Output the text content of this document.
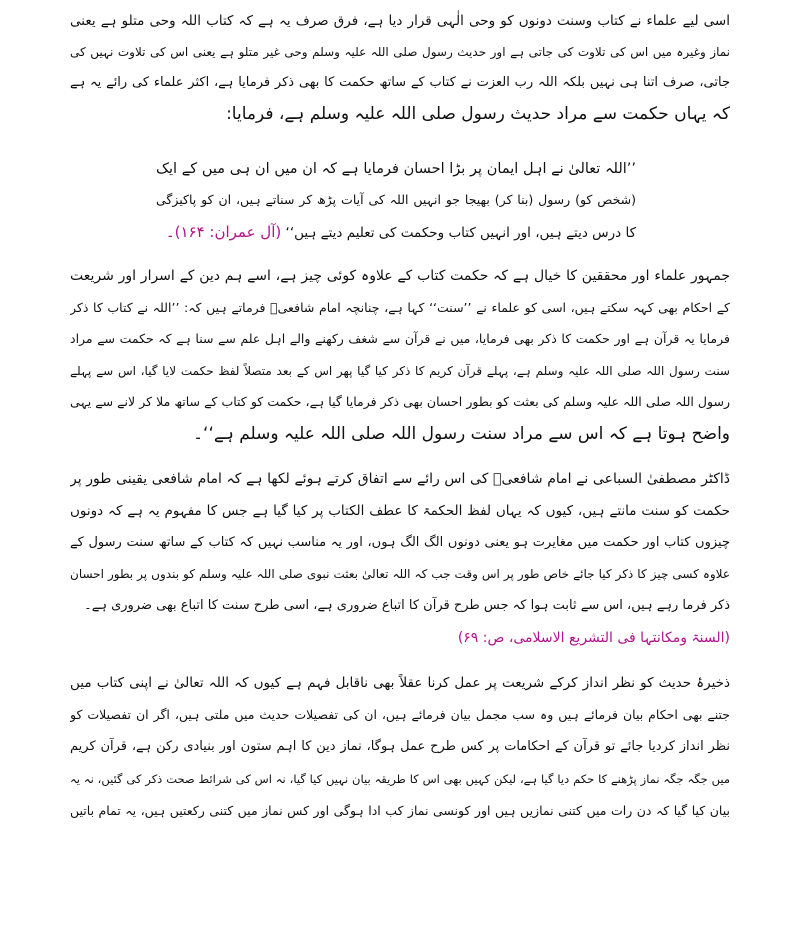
اسی لیے علماء نے کتاب وسنت دونوں کو وحی الٰہی قرار دیا ہے، فرق صرف یہ ہے کہ کتاب اللہ وحی متلو ہے یعنی
نماز وغیرہ میں اس کی تلاوت کی جاتی ہے اور حدیث رسول صلی اللہ علیہ وسلم وحی غیر متلو ہے یعنی اس کی تلاوت نہیں کی
جاتی، صرف اتنا ہی نہیں بلکہ اللہ رب العزت نے کتاب کے ساتھ حکمت کا بھی ذکر فرمایا ہے، اکثر علماء کی رائے یہ ہے
کہ یہاں حکمت سے مراد حدیث رسول صلی اللہ علیہ وسلم ہے، فرمایا:
’’اللہ تعالیٰ نے اہل ایمان پر بڑا احسان فرمایا ہے کہ ان میں ان ہی میں کے ایک
(شخص کو) رسول (بنا کر) بھیجا جو انہیں اللہ کی آیات پڑھ کر سناتے ہیں، ان کو پاکیزگی
کا درس دیتے ہیں، اور انہیں کتاب وحکمت کی تعلیم دیتے ہیں‘‘ (آل عمران: ۱۶۴)۔
جمہور علماء اور محققین کا خیال ہے کہ حکمت کتاب کے علاوہ کوئی چیز ہے، اسے ہم دین کے اسرار اور شریعت
کے احکام بھی کہہ سکتے ہیں، اسی کو علماء نے ’’سنت‘‘ کہا ہے، چنانچہ امام شافعیؒ فرماتے ہیں کہ: ’’اللہ نے کتاب کا ذکر
فرمایا یہ قرآن ہے اور حکمت کا ذکر بھی فرمایا، میں نے قرآن سے شغف رکھنے والے اہل علم سے سنا ہے کہ حکمت سے مراد
سنت رسول اللہ صلی اللہ علیہ وسلم ہے، پہلے قرآن کریم کا ذکر کیا گیا پھر اس کے بعد متصلاً لفظ حکمت لایا گیا، اس سے پہلے
رسول اللہ صلی اللہ علیہ وسلم کی بعثت کو بطور احسان بھی ذکر فرمایا گیا ہے، حکمت کو کتاب کے ساتھ ملا کر لانے سے یہی
واضح ہوتا ہے کہ اس سے مراد سنت رسول اللہ صلی اللہ علیہ وسلم ہے‘‘۔
ڈاکٹر مصطفیٰ السباعی نے امام شافعیؒ کی اس رائے سے اتفاق کرتے ہوئے لکھا ہے کہ امام شافعی یقینی طور پر
حکمت کو سنت مانتے ہیں، کیوں کہ یہاں لفظ الحکمۃ کا عطف الکتاب پر کیا گیا ہے جس کا مفہوم یہ ہے کہ دونوں
چیزوں کتاب اور حکمت میں مغایرت ہو یعنی دونوں الگ الگ ہوں، اور یہ مناسب نہیں کہ کتاب کے ساتھ سنت رسول کے
علاوہ کسی چیز کا ذکر کیا جائے خاص طور پر اس وقت جب کہ اللہ تعالیٰ بعثت نبوی صلی اللہ علیہ وسلم کو بندوں پر بطور احسان
ذکر فرما رہے ہیں، اس سے ثابت ہوا کہ جس طرح قرآن کا اتباع ضروری ہے، اسی طرح سنت کا اتباع بھی ضروری ہے۔
(السنۃ ومکانتہا فی التشریع الاسلامی، ص: ۶۹)
ذخیرۂ حدیث کو نظر انداز کرکے شریعت پر عمل کرنا عقلاً بھی ناقابل فہم ہے کیوں کہ اللہ تعالیٰ نے اپنی کتاب میں
جتنے بھی احکام بیان فرمائے ہیں وہ سب مجمل بیان فرمائے ہیں، ان کی تفصیلات حدیث میں ملتی ہیں، اگر ان تفصیلات کو
نظر انداز کردیا جائے تو قرآن کے احکامات پر کس طرح عمل ہوگا، نماز دین کا اہم ستون اور بنیادی رکن ہے، قرآن کریم
میں جگہ جگہ نماز پڑھنے کا حکم دیا گیا ہے، لیکن کہیں بھی اس کا طریقہ بیان نہیں کیا گیا، نہ اس کی شرائط صحت ذکر کی گئیں، نہ یہ
بیان کیا گیا کہ دن رات میں کتنی نمازیں ہیں اور کونسی نماز کب ادا ہوگی اور کس نماز میں کتنی رکعتیں ہیں، یہ تمام باتیں
